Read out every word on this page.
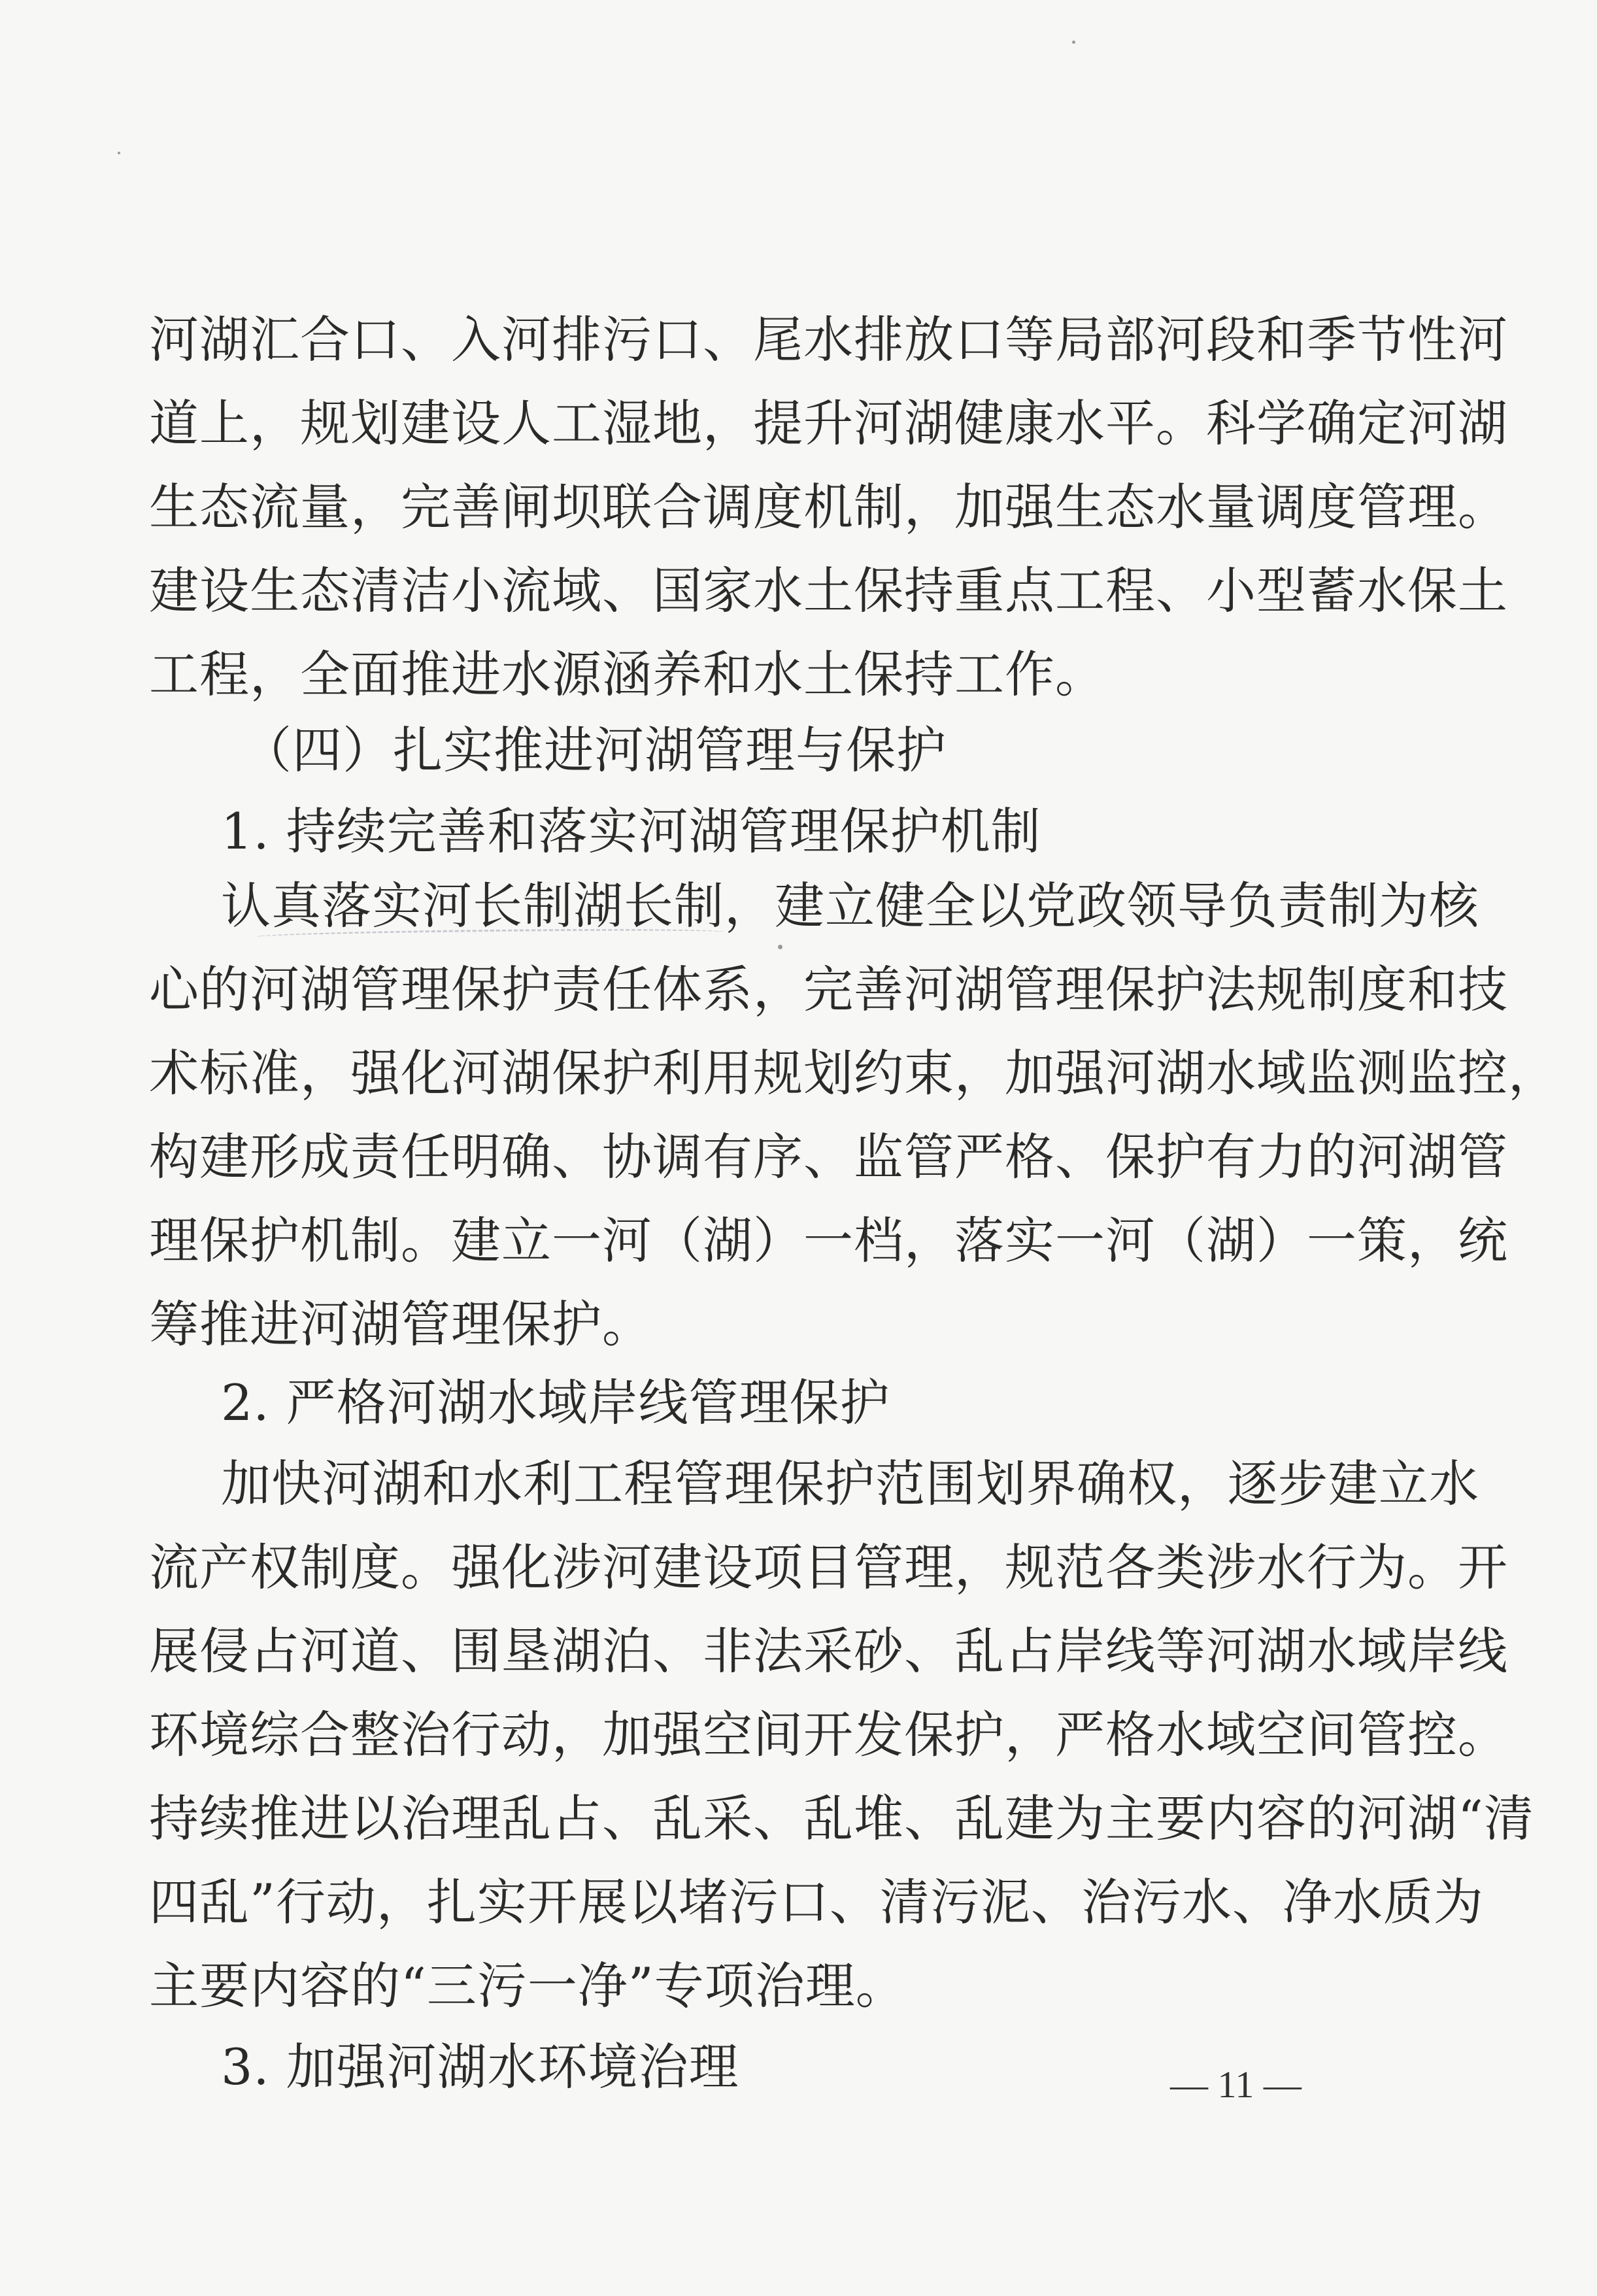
河湖汇合口、入河排污口、尾水排放口等局部河段和季节性河
道上，规划建设人工湿地，提升河湖健康水平。科学确定河湖
生态流量，完善闸坝联合调度机制，加强生态水量调度管理。
建设生态清洁小流域、国家水土保持重点工程、小型蓄水保土
工程，全面推进水源涵养和水土保持工作。
（四）扎实推进河湖管理与保护
1. 持续完善和落实河湖管理保护机制
认真落实河长制湖长制，建立健全以党政领导负责制为核
心的河湖管理保护责任体系，完善河湖管理保护法规制度和技
术标准，强化河湖保护利用规划约束，加强河湖水域监测监控，
构建形成责任明确、协调有序、监管严格、保护有力的河湖管
理保护机制。建立一河（湖）一档，落实一河（湖）一策，统
筹推进河湖管理保护。
2. 严格河湖水域岸线管理保护
加快河湖和水利工程管理保护范围划界确权，逐步建立水
流产权制度。强化涉河建设项目管理，规范各类涉水行为。开
展侵占河道、围垦湖泊、非法采砂、乱占岸线等河湖水域岸线
环境综合整治行动，加强空间开发保护，严格水域空间管控。
持续推进以治理乱占、乱采、乱堆、乱建为主要内容的河湖“清
四乱”行动，扎实开展以堵污口、清污泥、治污水、净水质为
主要内容的“三污一净”专项治理。
3. 加强河湖水环境治理	— 11 —
